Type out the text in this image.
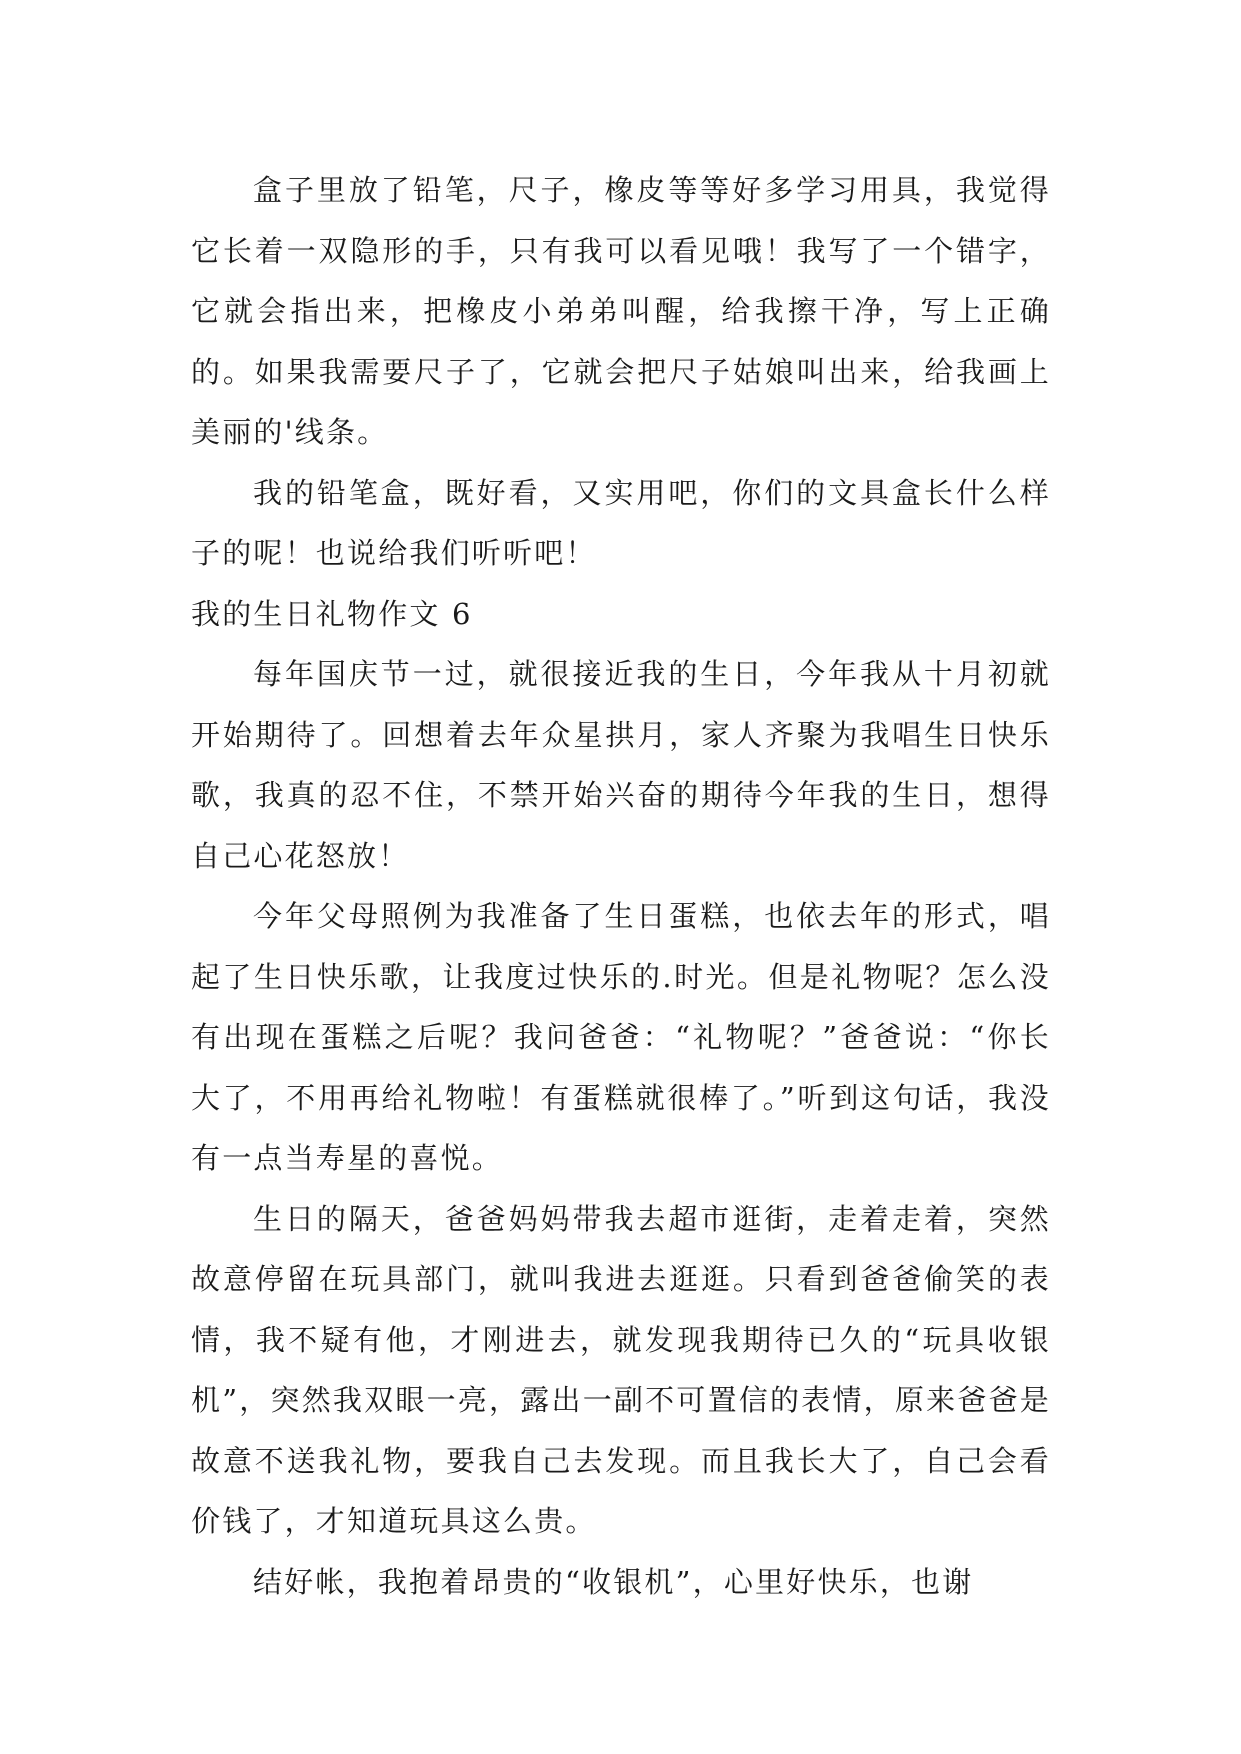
盒子里放了铅笔，尺子，橡皮等等好多学习用具，我觉得它长着一双隐形的手，只有我可以看见哦！我写了一个错字，它就会指出来，把橡皮小弟弟叫醒，给我擦干净，写上正确的。如果我需要尺子了，它就会把尺子姑娘叫出来，给我画上美丽的'线条。

我的铅笔盒，既好看，又实用吧，你们的文具盒长什么样子的呢！也说给我们听听吧！

我的生日礼物作文 6

每年国庆节一过，就很接近我的生日，今年我从十月初就开始期待了。回想着去年众星拱月，家人齐聚为我唱生日快乐歌，我真的忍不住，不禁开始兴奋的期待今年我的生日，想得自己心花怒放！

今年父母照例为我准备了生日蛋糕，也依去年的形式，唱起了生日快乐歌，让我度过快乐的.时光。但是礼物呢？怎么没有出现在蛋糕之后呢？我问爸爸：“礼物呢？”爸爸说：“你长大了，不用再给礼物啦！有蛋糕就很棒了。”听到这句话，我没有一点当寿星的喜悦。

生日的隔天，爸爸妈妈带我去超市逛街，走着走着，突然故意停留在玩具部门，就叫我进去逛逛。只看到爸爸偷笑的表情，我不疑有他，才刚进去，就发现我期待已久的“玩具收银机”，突然我双眼一亮，露出一副不可置信的表情，原来爸爸是故意不送我礼物，要我自己去发现。而且我长大了，自己会看价钱了，才知道玩具这么贵。

结好帐，我抱着昂贵的“收银机”，心里好快乐，也谢
